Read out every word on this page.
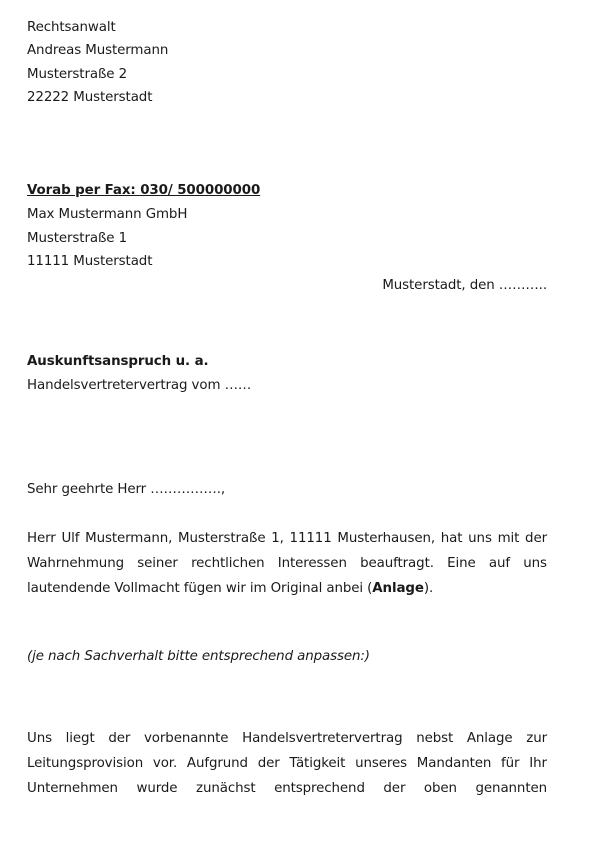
Rechtsanwalt
Andreas Mustermann
Musterstraße 2
22222 Musterstadt
Vorab per Fax: 030/ 500000000
Max Mustermann GmbH
Musterstraße 1
11111 Musterstadt
Musterstadt, den ………..
Auskunftsanspruch u. a.
Handelsvertretervertrag vom ……
Sehr geehrte Herr …………….,
Herr Ulf Mustermann, Musterstraße 1, 11111 Musterhausen, hat uns mit der
Wahrnehmung seiner rechtlichen Interessen beauftragt. Eine auf uns
lautendende Vollmacht fügen wir im Original anbei (Anlage).
(je nach Sachverhalt bitte entsprechend anpassen:)
Uns liegt der vorbenannte Handelsvertretervertrag nebst Anlage zur
Leitungsprovision vor. Aufgrund der Tätigkeit unseres Mandanten für Ihr
Unternehmen wurde zunächst entsprechend der oben genannten
